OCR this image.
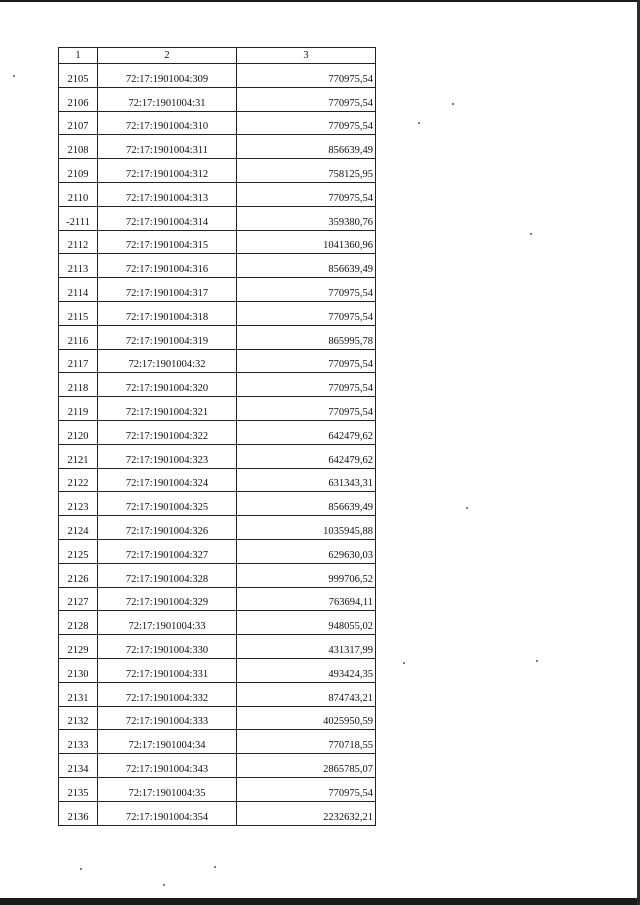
1	2	3
2105	72:17:1901004:309	770975,54
2106	72:17:1901004:31	770975,54
2107	72:17:1901004:310	770975,54
2108	72:17:1901004:311	856639,49
2109	72:17:1901004:312	758125,95
2110	72:17:1901004:313	770975,54
-2111	72:17:1901004:314	359380,76
2112	72:17:1901004:315	1041360,96
2113	72:17:1901004:316	856639,49
2114	72:17:1901004:317	770975,54
2115	72:17:1901004:318	770975,54
2116	72:17:1901004:319	865995,78
2117	72:17:1901004:32	770975,54
2118	72:17:1901004:320	770975,54
2119	72:17:1901004:321	770975,54
2120	72:17:1901004:322	642479,62
2121	72:17:1901004:323	642479,62
2122	72:17:1901004:324	631343,31
2123	72:17:1901004:325	856639,49
2124	72:17:1901004:326	1035945,88
2125	72:17:1901004:327	629630,03
2126	72:17:1901004:328	999706,52
2127	72:17:1901004:329	763694,11
2128	72:17:1901004:33	948055,02
2129	72:17:1901004:330	431317,99
2130	72:17:1901004:331	493424,35
2131	72:17:1901004:332	874743,21
2132	72:17:1901004:333	4025950,59
2133	72:17:1901004:34	770718,55
2134	72:17:1901004:343	2865785,07
2135	72:17:1901004:35	770975,54
2136	72:17:1901004:354	2232632,21
